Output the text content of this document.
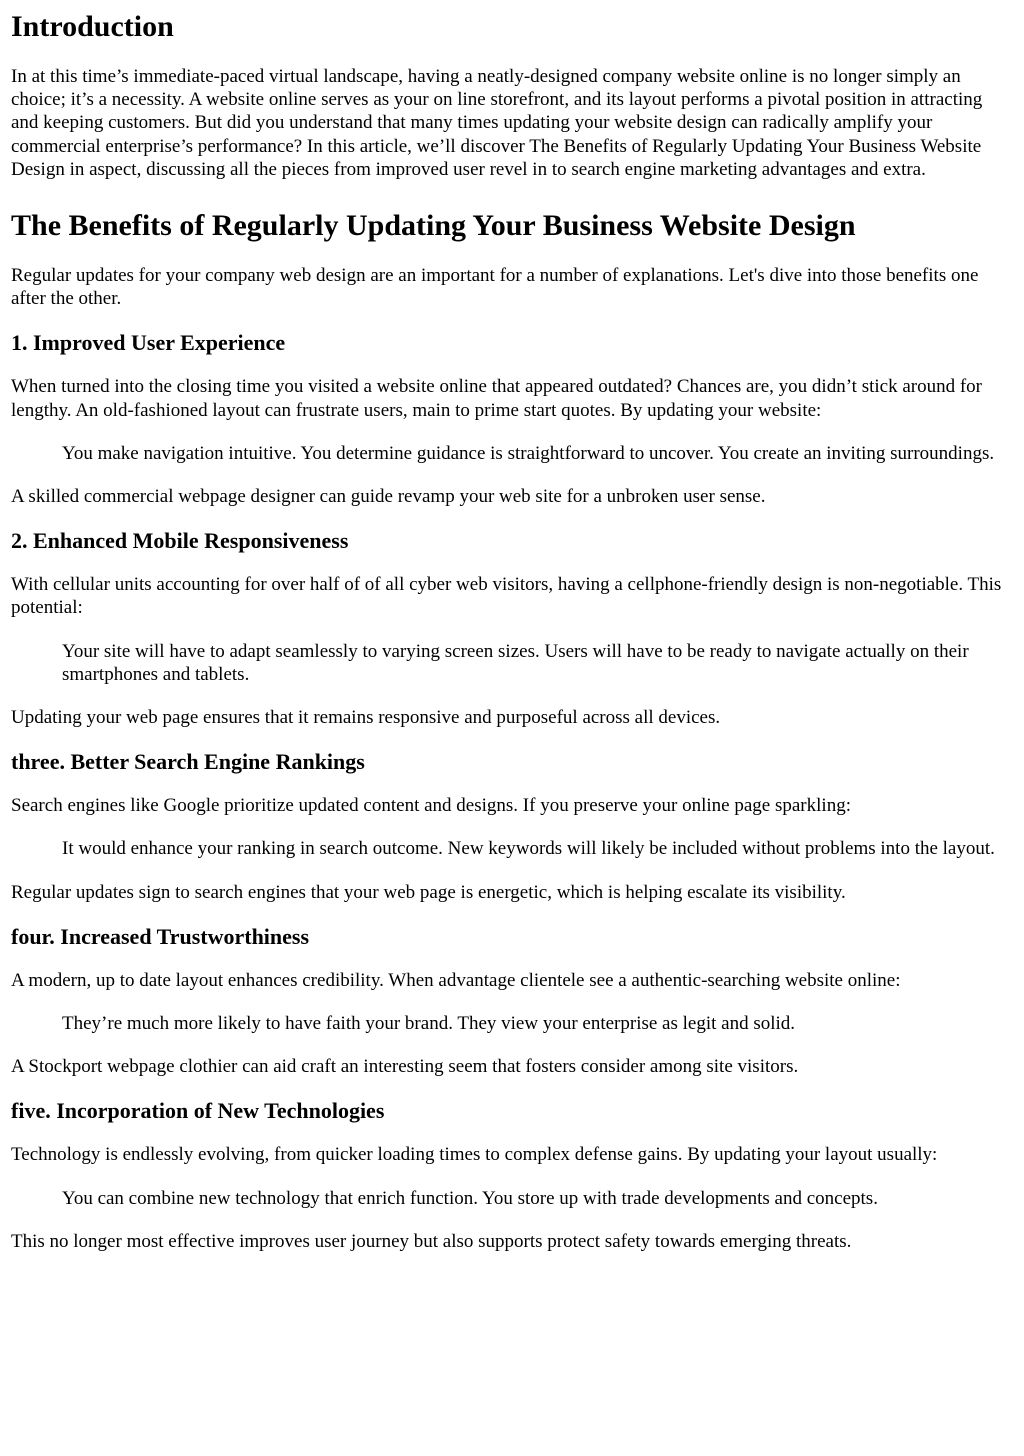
Introduction

In at this time’s immediate-paced virtual landscape, having a neatly-designed company website online is no longer simply an choice; it’s a necessity. A website online serves as your on line storefront, and its layout performs a pivotal position in attracting and keeping customers. But did you understand that many times updating your website design can radically amplify your commercial enterprise’s performance? In this article, we’ll discover The Benefits of Regularly Updating Your Business Website Design in aspect, discussing all the pieces from improved user revel in to search engine marketing advantages and extra.

The Benefits of Regularly Updating Your Business Website Design

Regular updates for your company web design are an important for a number of explanations. Let's dive into those benefits one after the other.

1. Improved User Experience

When turned into the closing time you visited a website online that appeared outdated? Chances are, you didn’t stick around for lengthy. An old-fashioned layout can frustrate users, main to prime start quotes. By updating your website:

You make navigation intuitive. You determine guidance is straightforward to uncover. You create an inviting surroundings.

A skilled commercial webpage designer can guide revamp your web site for a unbroken user sense.

2. Enhanced Mobile Responsiveness

With cellular units accounting for over half of of all cyber web visitors, having a cellphone-friendly design is non-negotiable. This potential:

Your site will have to adapt seamlessly to varying screen sizes. Users will have to be ready to navigate actually on their smartphones and tablets.

Updating your web page ensures that it remains responsive and purposeful across all devices.

three. Better Search Engine Rankings

Search engines like Google prioritize updated content and designs. If you preserve your online page sparkling:

It would enhance your ranking in search outcome. New keywords will likely be included without problems into the layout.

Regular updates sign to search engines that your web page is energetic, which is helping escalate its visibility.

four. Increased Trustworthiness

A modern, up to date layout enhances credibility. When advantage clientele see a authentic-searching website online:

They’re much more likely to have faith your brand. They view your enterprise as legit and solid.

A Stockport webpage clothier can aid craft an interesting seem that fosters consider among site visitors.

five. Incorporation of New Technologies

Technology is endlessly evolving, from quicker loading times to complex defense gains. By updating your layout usually:

You can combine new technology that enrich function. You store up with trade developments and concepts.

This no longer most effective improves user journey but also supports protect safety towards emerging threats.
